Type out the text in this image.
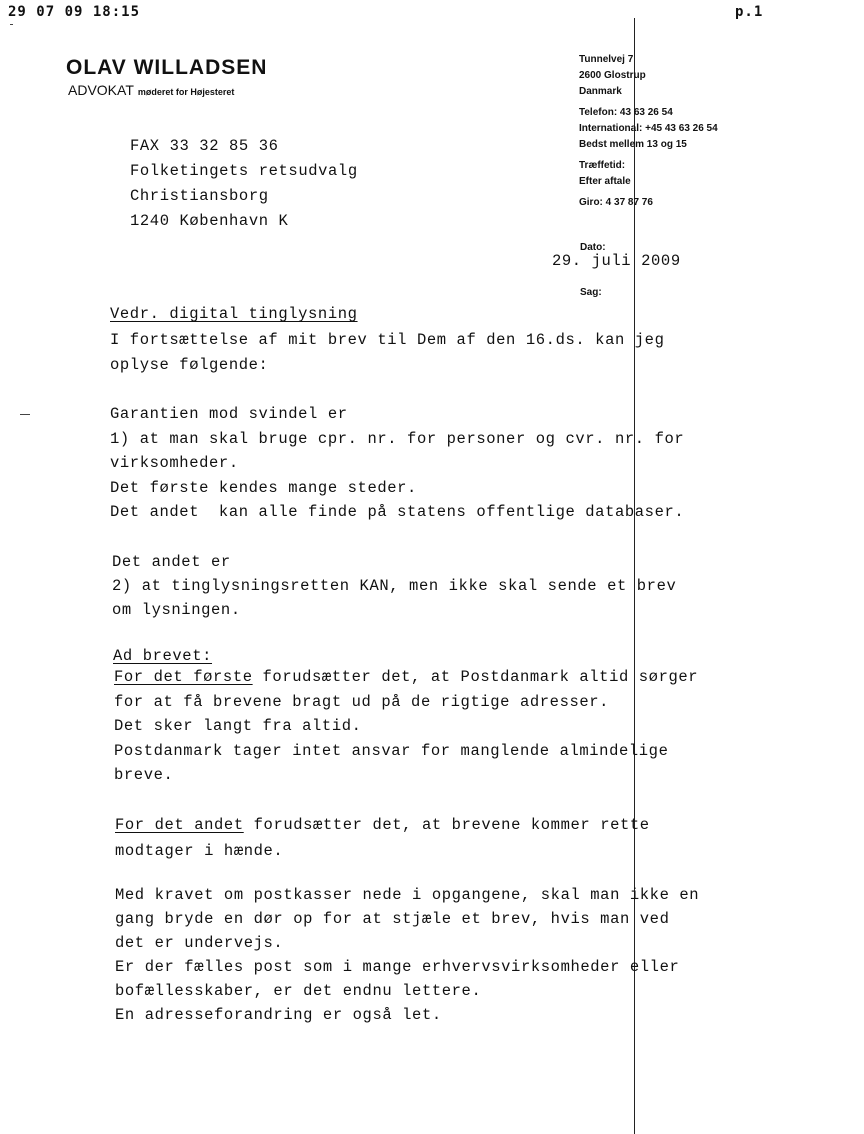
29 07 09 18:15	p.1
OLAV WILLADSEN
ADVOKAT møderet for Højesteret
Tunnelvej 7
2600 Glostrup
Danmark
Telefon: 43 63 26 54
International: +45 43 63 26 54
Bedst mellem 13 og 15
Træffetid:
Efter aftale
Giro: 4 37 87 76
Dato:
29. juli 2009
Sag:
FAX 33 32 85 36
Folketingets retsudvalg
Christiansborg
1240 København K
Vedr. digital tinglysning
I fortsættelse af mit brev til Dem af den 16.ds. kan jeg
oplyse følgende:
Garantien mod svindel er
1) at man skal bruge cpr. nr. for personer og cvr. nr. for
virksomheder.
Det første kendes mange steder.
Det andet  kan alle finde på statens offentlige databaser.
Det andet er
2) at tinglysningsretten KAN, men ikke skal sende et brev
om lysningen.
Ad brevet:
For det første forudsætter det, at Postdanmark altid sørger
for at få brevene bragt ud på de rigtige adresser.
Det sker langt fra altid.
Postdanmark tager intet ansvar for manglende almindelige
breve.
For det andet forudsætter det, at brevene kommer rette
modtager i hænde.
Med kravet om postkasser nede i opgangene, skal man ikke en
gang bryde en dør op for at stjæle et brev, hvis man ved
det er undervejs.
Er der fælles post som i mange erhvervsvirksomheder eller
bofællesskaber, er det endnu lettere.
En adresseforandring er også let.
